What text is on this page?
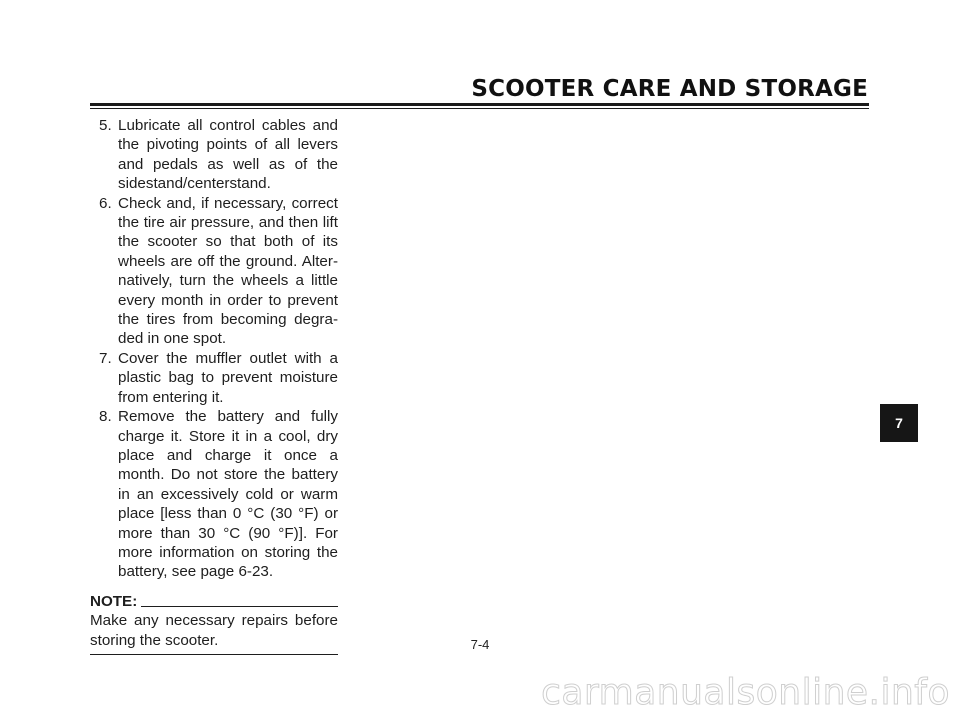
SCOOTER CARE AND STORAGE
5. Lubricate all control cables and the pivoting points of all levers and pedals as well as of the sidestand/centerstand.
6. Check and, if necessary, correct the tire air pressure, and then lift the scooter so that both of its wheels are off the ground. Alternatively, turn the wheels a little every month in order to prevent the tires from becoming degraded in one spot.
7. Cover the muffler outlet with a plastic bag to prevent moisture from entering it.
8. Remove the battery and fully charge it. Store it in a cool, dry place and charge it once a month. Do not store the battery in an excessively cold or warm place [less than 0 °C (30 °F) or more than 30 °C (90 °F)]. For more information on storing the battery, see page 6-23.
NOTE:
Make any necessary repairs before storing the scooter.	7-4
7
carmanualsonline.info
